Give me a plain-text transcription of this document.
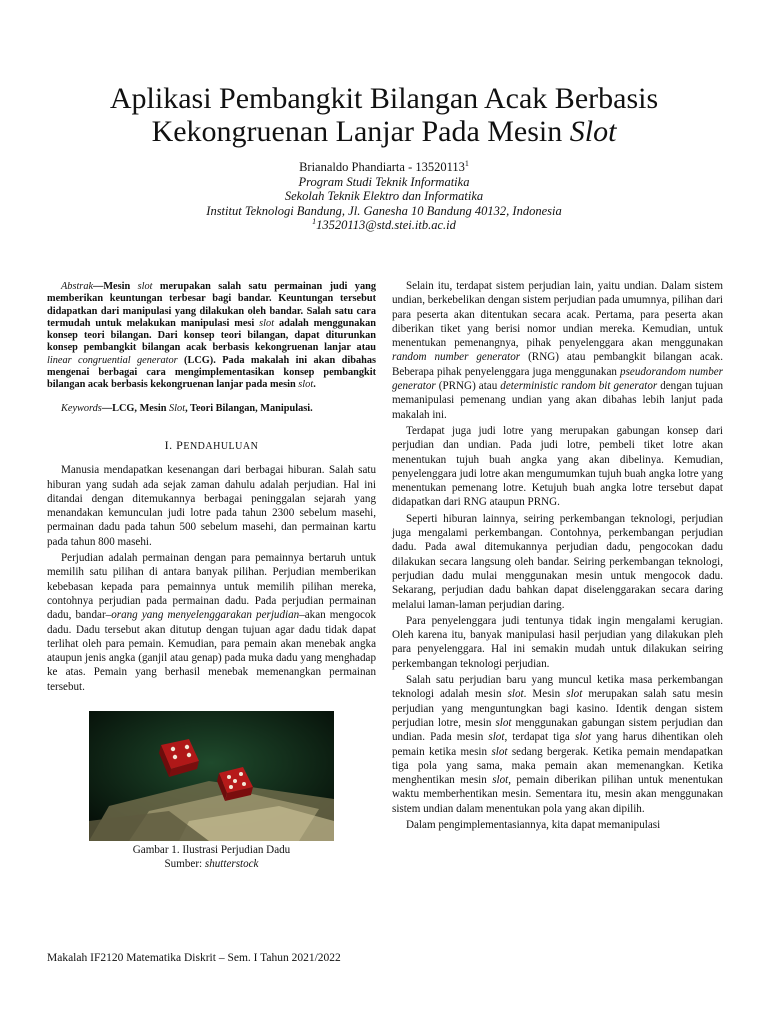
Aplikasi Pembangkit Bilangan Acak Berbasis
Kekongruenan Lanjar Pada Mesin Slot
Brianaldo Phandiarta - 13520113$^1$
Program Studi Teknik Informatika
Sekolah Teknik Elektro dan Informatika
Institut Teknologi Bandung, Jl. Ganesha 10 Bandung 40132, Indonesia
$^1$13520113@std.stei.itb.ac.id

Abstrak—Mesin slot merupakan salah satu permainan judi yang memberikan keuntungan terbesar bagi bandar. Keuntungan tersebut didapatkan dari manipulasi yang dilakukan oleh bandar. Salah satu cara termudah untuk melakukan manipulasi mesi slot adalah menggunakan konsep teori bilangan. Dari konsep teori bilangan, dapat diturunkan konsep pembangkit bilangan acak berbasis kekongruenan lanjar atau linear congruential generator (LCG). Pada makalah ini akan dibahas mengenai berbagai cara mengimplementasikan konsep pembangkit bilangan acak berbasis kekongruenan lanjar pada mesin slot.

Keywords—LCG, Mesin Slot, Teori Bilangan, Manipulasi.

I. PENDAHULUAN

Manusia mendapatkan kesenangan dari berbagai hiburan. Salah satu hiburan yang sudah ada sejak zaman dahulu adalah perjudian. Hal ini ditandai dengan ditemukannya berbagai peninggalan sejarah yang menandakan kemunculan judi lotre pada tahun 2300 sebelum masehi, permainan dadu pada tahun 500 sebelum masehi, dan permainan kartu pada tahun 800 masehi.

Perjudian adalah permainan dengan para pemainnya bertaruh untuk memilih satu pilihan di antara banyak pilihan. Perjudian memberikan kebebasan kepada para pemainnya untuk memilih pilihan mereka, contohnya perjudian pada permainan dadu. Pada perjudian permainan dadu, bandar–orang yang menyelenggarakan perjudian–akan mengocok dadu. Dadu tersebut akan ditutup dengan tujuan agar dadu tidak dapat terlihat oleh para pemain. Kemudian, para pemain akan menebak angka ataupun jenis angka (ganjil atau genap) pada muka dadu yang menghadap ke atas. Pemain yang berhasil menebak memenangkan permainan tersebut.

Gambar 1. Ilustrasi Perjudian Dadu
Sumber: shutterstock

Selain itu, terdapat sistem perjudian lain, yaitu undian. Dalam sistem undian, berkebelikan dengan sistem perjudian pada umumnya, pilihan dari para peserta akan ditentukan secara acak. Pertama, para peserta akan diberikan tiket yang berisi nomor undian mereka. Kemudian, untuk menentukan pemenangnya, pihak penyelenggara akan menggunakan random number generator (RNG) atau pembangkit bilangan acak. Beberapa pihak penyelenggara juga menggunakan pseudorandom number generator (PRNG) atau deterministic random bit generator dengan tujuan memanipulasi pemenang undian yang akan dibahas lebih lanjut pada makalah ini.

Terdapat juga judi lotre yang merupakan gabungan konsep dari perjudian dan undian. Pada judi lotre, pembeli tiket lotre akan menentukan tujuh buah angka yang akan dibelinya. Kemudian, penyelenggara judi lotre akan mengumumkan tujuh buah angka lotre yang menentukan pemenang lotre. Ketujuh buah angka lotre tersebut dapat didapatkan dari RNG ataupun PRNG.

Seperti hiburan lainnya, seiring perkembangan teknologi, perjudian juga mengalami perkembangan. Contohnya, perkembangan perjudian dadu. Pada awal ditemukannya perjudian dadu, pengocokan dadu dilakukan secara langsung oleh bandar. Seiring perkembangan teknologi, perjudian dadu mulai menggunakan mesin untuk mengocok dadu. Sekarang, perjudian dadu bahkan dapat diselenggarakan secara daring melalui laman-laman perjudian daring.

Para penyelenggara judi tentunya tidak ingin mengalami kerugian. Oleh karena itu, banyak manipulasi hasil perjudian yang dilakukan pleh para penyelenggara. Hal ini semakin mudah untuk dilakukan seiring perkembangan teknologi perjudian.

Salah satu perjudian baru yang muncul ketika masa perkembangan teknologi adalah mesin slot. Mesin slot merupakan salah satu mesin perjudian yang menguntungkan bagi kasino. Identik dengan sistem perjudian lotre, mesin slot menggunakan gabungan sistem perjudian dan undian. Pada mesin slot, terdapat tiga slot yang harus dihentikan oleh pemain ketika mesin slot sedang bergerak. Ketika pemain mendapatkan tiga pola yang sama, maka pemain akan memenangkan. Ketika menghentikan mesin slot, pemain diberikan pilihan untuk menentukan waktu memberhentikan mesin. Sementara itu, mesin akan menggunakan sistem undian dalam menentukan pola yang akan dipilih.

Dalam pengimplementasiannya, kita dapat memanipulasi

Makalah IF2120 Matematika Diskrit – Sem. I Tahun 2021/2022
